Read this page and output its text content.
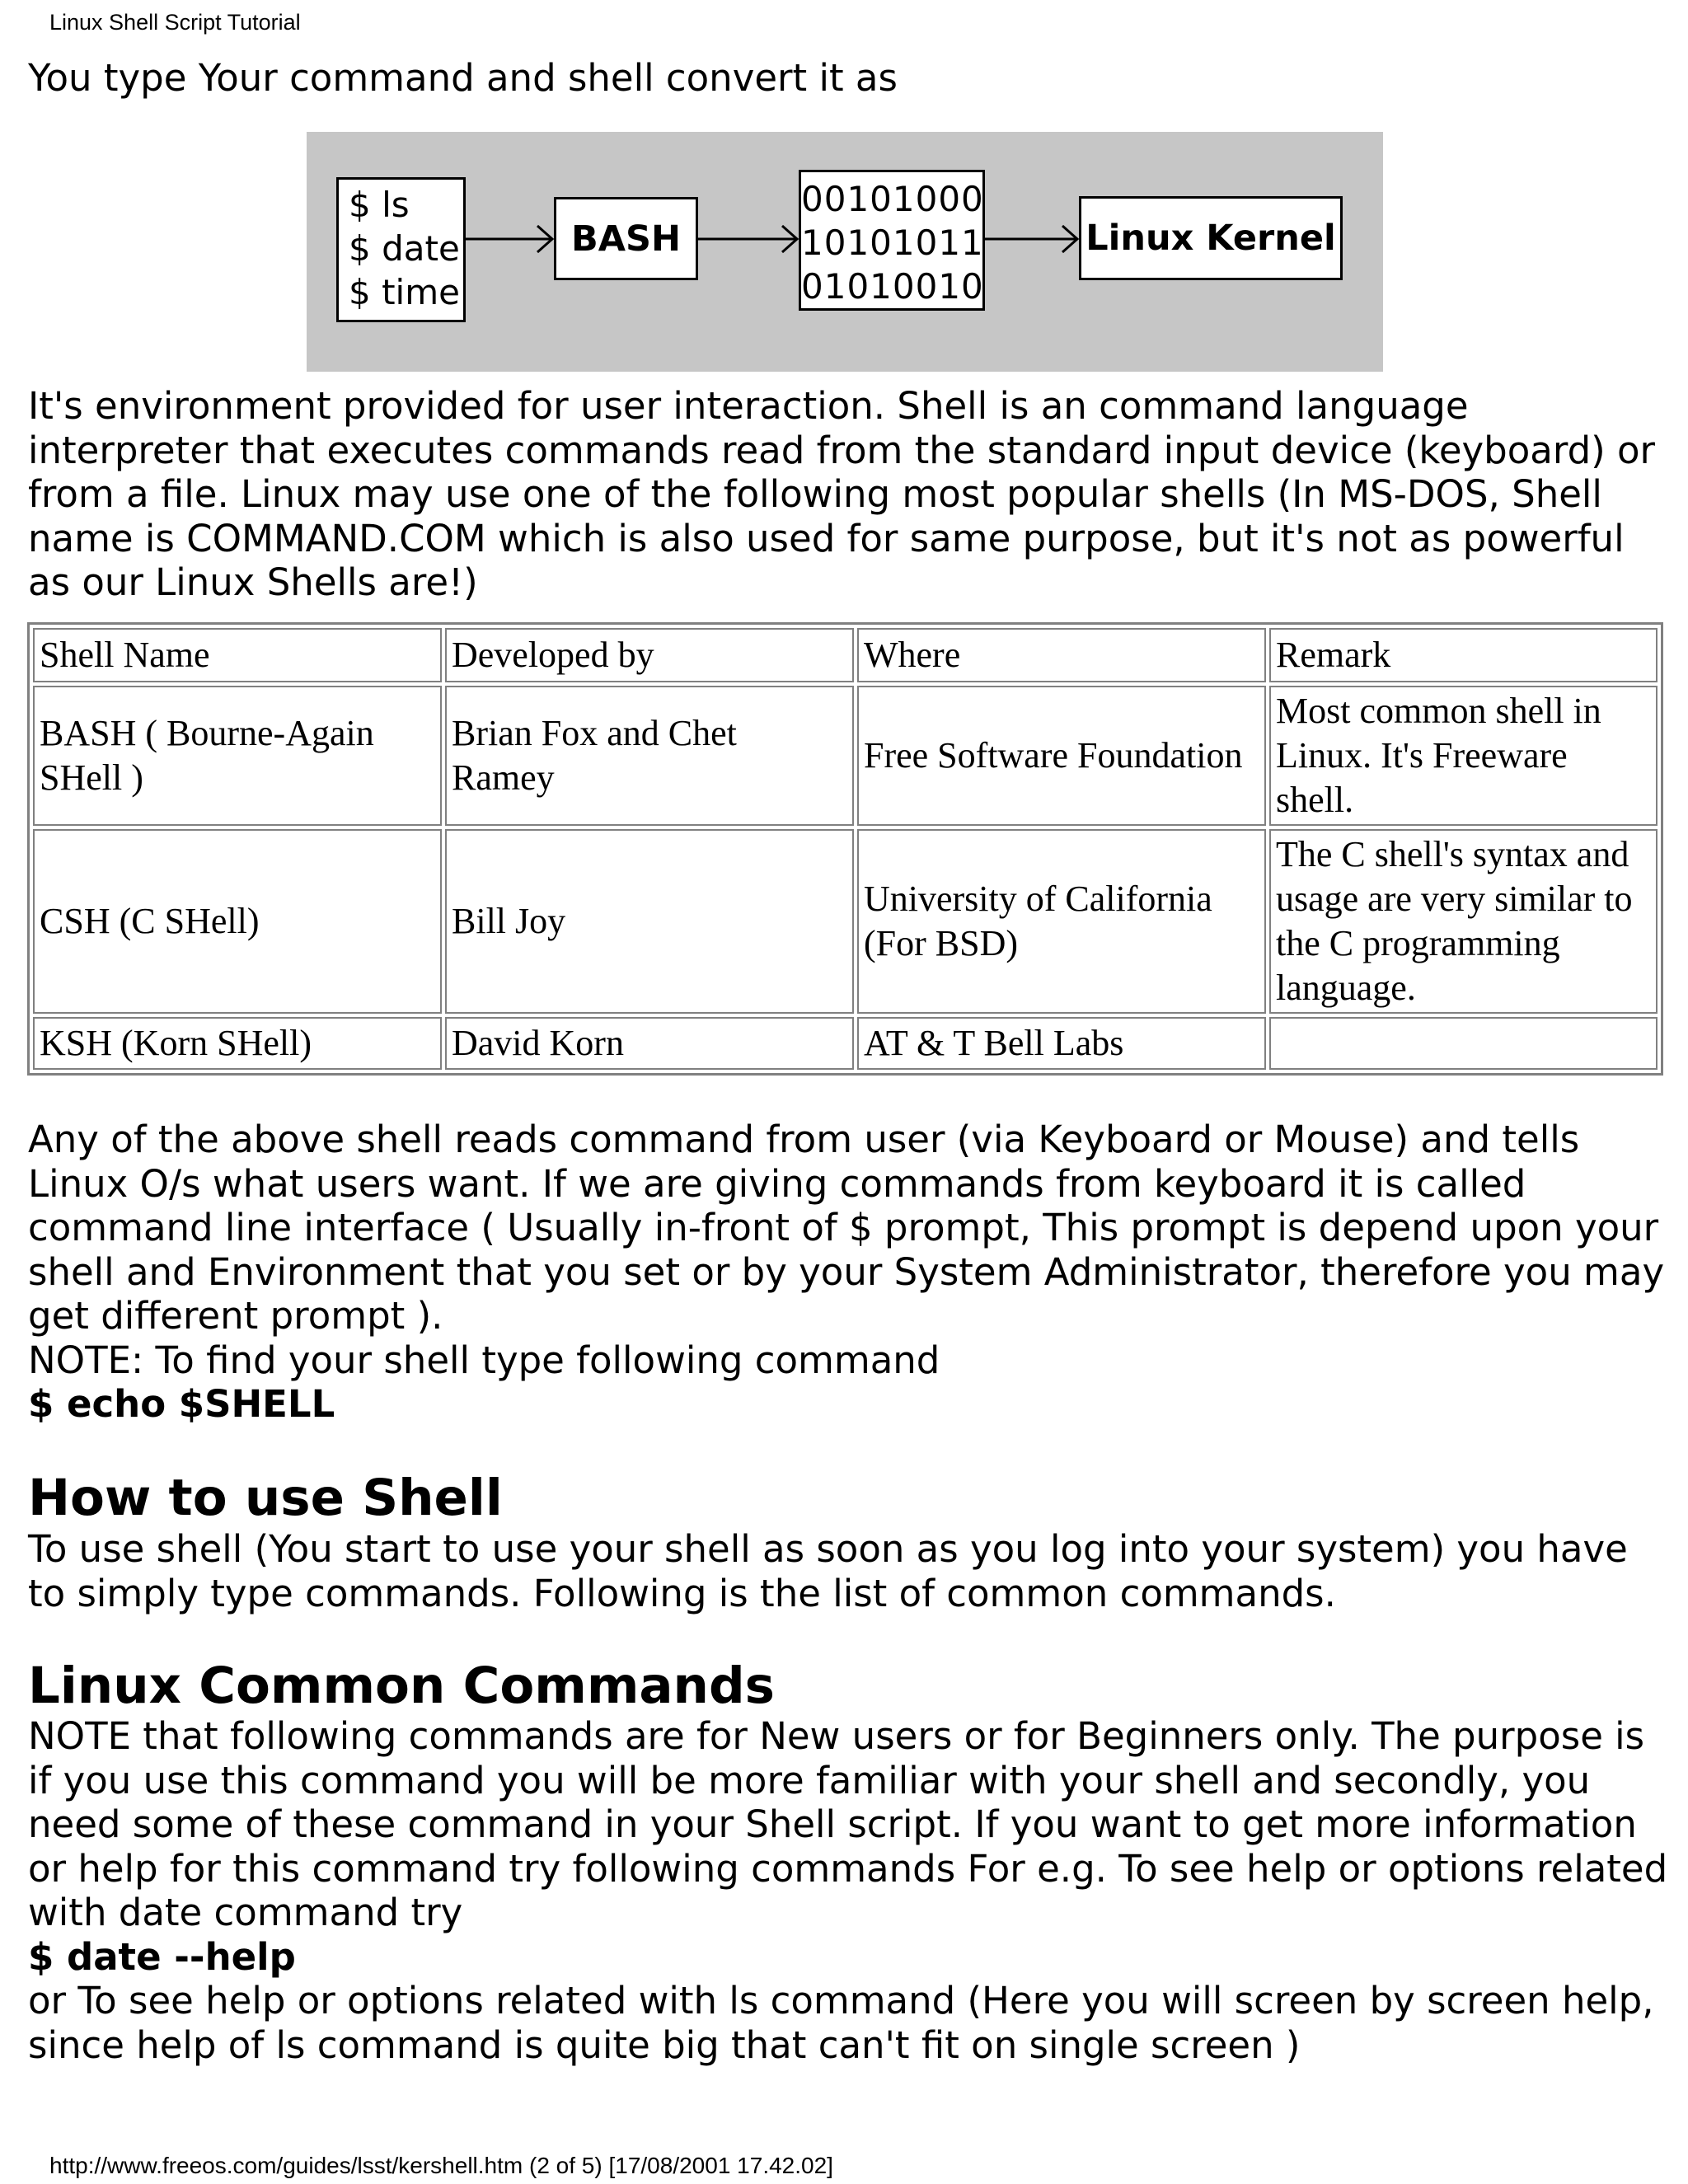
Linux Shell Script Tutorial

You type Your command and shell convert it as

$ ls
$ date
$ time
BASH
00101000
10101011
01010010
Linux Kernel

It's environment provided for user interaction. Shell is an command language interpreter that executes commands read from the standard input device (keyboard) or from a file. Linux may use one of the following most popular shells (In MS-DOS, Shell name is COMMAND.COM which is also used for same purpose, but it's not as powerful as our Linux Shells are!)

Shell Name	Developed by	Where	Remark
BASH ( Bourne-Again SHell )	Brian Fox and Chet Ramey	Free Software Foundation	Most common shell in Linux. It's Freeware shell.
CSH (C SHell)	Bill Joy	University of California (For BSD)	The C shell's syntax and usage are very similar to the C programming language.
KSH (Korn SHell)	David Korn	AT & T Bell Labs	
Any of the above shell reads command from user (via Keyboard or Mouse) and tells Linux O/s what users want. If we are giving commands from keyboard it is called command line interface ( Usually in-front of $ prompt, This prompt is depend upon your shell and Environment that you set or by your System Administrator, therefore you may get different prompt ).
NOTE: To find your shell type following command
$ echo $SHELL
How to use Shell

To use shell (You start to use your shell as soon as you log into your system) you have to simply type commands. Following is the list of common commands.

Linux Common Commands
NOTE that following commands are for New users or for Beginners only. The purpose is if you use this command you will be more familiar with your shell and secondly, you need some of these command in your Shell script. If you want to get more information or help for this command try following commands For e.g. To see help or options related with date command try
$ date --help
or To see help or options related with ls command (Here you will screen by screen help, since help of ls command is quite big that can't fit on single screen )
http://www.freeos.com/guides/lsst/kershell.htm (2 of 5) [17/08/2001 17.42.02]
